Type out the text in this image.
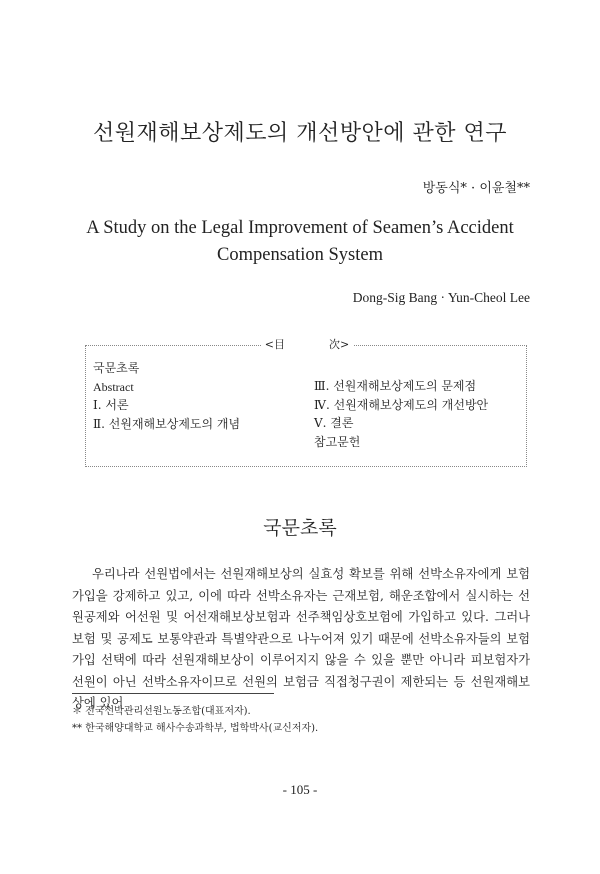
선원재해보상제도의 개선방안에 관한 연구
방동식* · 이윤철**
A Study on the Legal Improvement of Seamen’s Accident
Compensation System
Dong-Sig Bang · Yun-Cheol Lee
<目　　　　次>
국문초록
Abstract
Ⅰ. 서론
Ⅱ. 선원재해보상제도의 개념
Ⅲ. 선원재해보상제도의 문제점
Ⅳ. 선원재해보상제도의 개선방안
Ⅴ. 결론
참고문헌
국문초록

우리나라 선원법에서는 선원재해보상의 실효성 확보를 위해 선박소유자에게 보험가입을 강제하고 있고, 이에 따라 선박소유자는 근재보험, 해운조합에서 실시하는 선원공제와 어선원 및 어선재해보상보험과 선주책임상호보험에 가입하고 있다. 그러나 보험 및 공제도 보통약관과 특별약관으로 나누어져 있기 때문에 선박소유자들의 보험가입 선택에 따라 선원재해보상이 이루어지지 않을 수 있을 뿐만 아니라 피보험자가 선원이 아닌 선박소유자이므로 선원의 보험금 직접청구권이 제한되는 등 선원재해보상에 있어

＊ 전국선박관리선원노동조합(대표저자).
** 한국해양대학교 해사수송과학부, 법학박사(교신저자).
- 105 -
